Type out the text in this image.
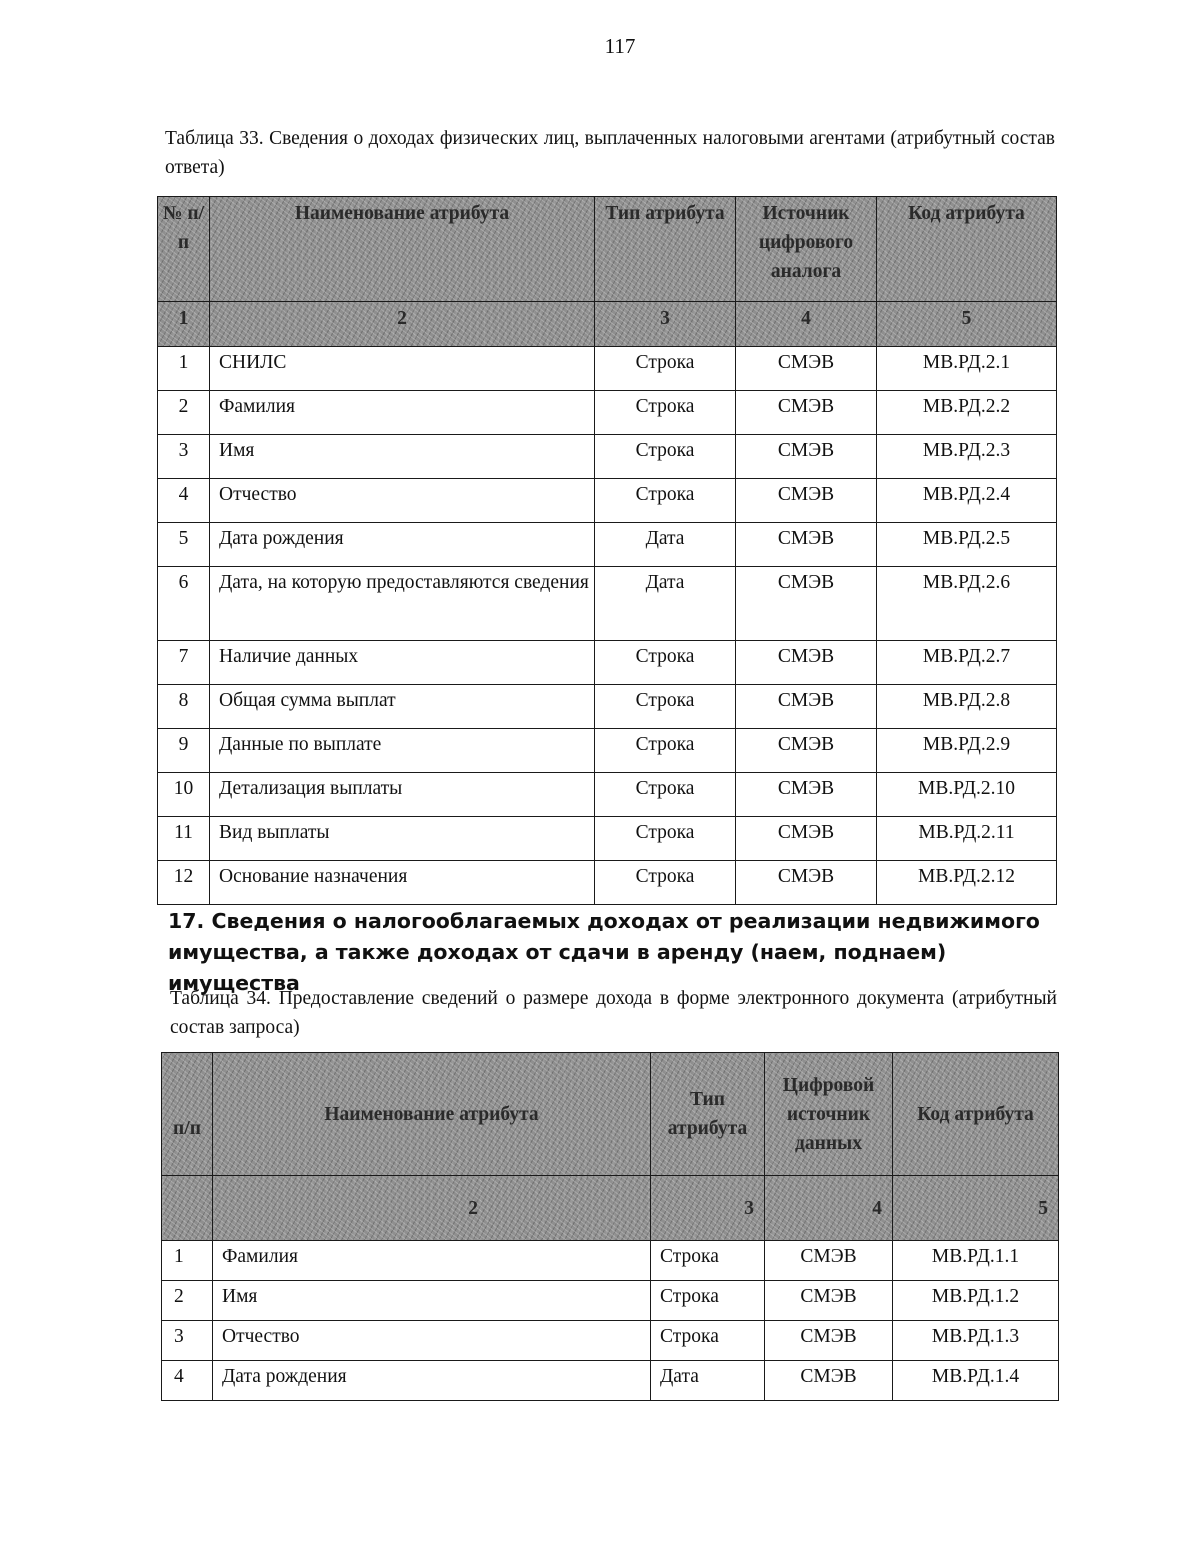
117
Таблица 33. Сведения о доходах физических лиц, выплаченных налоговыми агентами (атрибутный состав ответа)
№ п/п	Наименование атрибута	Тип атрибута	Источник цифрового аналога	Код атрибута
1	2	3	4	5
1	СНИЛС	Строка	СМЭВ	МВ.РД.2.1
2	Фамилия	Строка	СМЭВ	МВ.РД.2.2
3	Имя	Строка	СМЭВ	МВ.РД.2.3
4	Отчество	Строка	СМЭВ	МВ.РД.2.4
5	Дата рождения	Дата	СМЭВ	МВ.РД.2.5
6	Дата, на которую предоставляются сведения	Дата	СМЭВ	МВ.РД.2.6
7	Наличие данных	Строка	СМЭВ	МВ.РД.2.7
8	Общая сумма выплат	Строка	СМЭВ	МВ.РД.2.8
9	Данные по выплате	Строка	СМЭВ	МВ.РД.2.9
10	Детализация выплаты	Строка	СМЭВ	МВ.РД.2.10
11	Вид выплаты	Строка	СМЭВ	МВ.РД.2.11
12	Основание назначения	Строка	СМЭВ	МВ.РД.2.12
17. Сведения о налогооблагаемых доходах от реализации недвижимого имущества, а также доходах от сдачи в аренду (наем, поднаем) имущества
Таблица 34. Предоставление сведений о размере дохода в форме электронного документа (атрибутный состав запроса)
п/п	Наименование атрибута	Тип атрибута	Цифровой источник данных	Код атрибута
	2	3	4	5
1	Фамилия	Строка	СМЭВ	МВ.РД.1.1
2	Имя	Строка	СМЭВ	МВ.РД.1.2
3	Отчество	Строка	СМЭВ	МВ.РД.1.3
4	Дата рождения	Дата	СМЭВ	МВ.РД.1.4
